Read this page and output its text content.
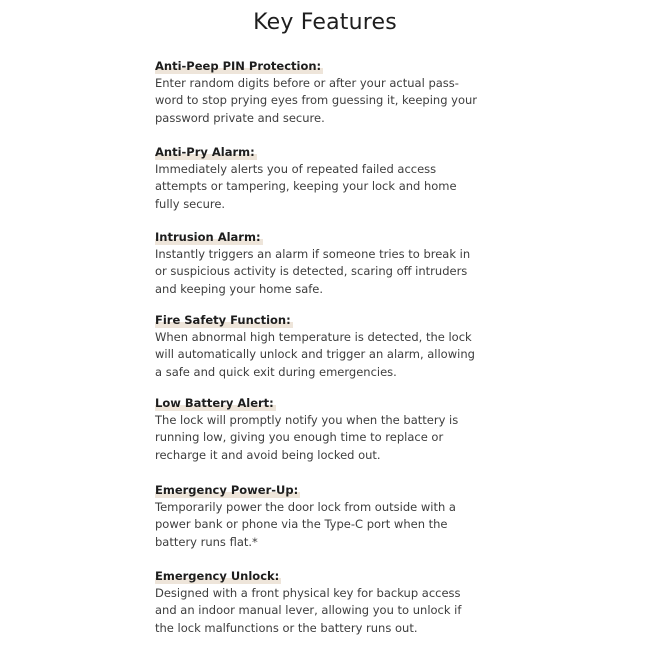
Key Features
Anti-Peep PIN Protection:

Enter random digits before or after your actual pass-
word to stop prying eyes from guessing it, keeping your
password private and secure.

Anti-Pry Alarm:

Immediately alerts you of repeated failed access
attempts or tampering, keeping your lock and home
fully secure.

Intrusion Alarm:

Instantly triggers an alarm if someone tries to break in
or suspicious activity is detected, scaring off intruders
and keeping your home safe.

Fire Safety Function:

When abnormal high temperature is detected, the lock
will automatically unlock and trigger an alarm, allowing
a safe and quick exit during emergencies.

Low Battery Alert:

The lock will promptly notify you when the battery is
running low, giving you enough time to replace or
recharge it and avoid being locked out.

Emergency Power-Up:

Temporarily power the door lock from outside with a
power bank or phone via the Type-C port when the
battery runs flat.*

Emergency Unlock:

Designed with a front physical key for backup access
and an indoor manual lever, allowing you to unlock if
the lock malfunctions or the battery runs out.
